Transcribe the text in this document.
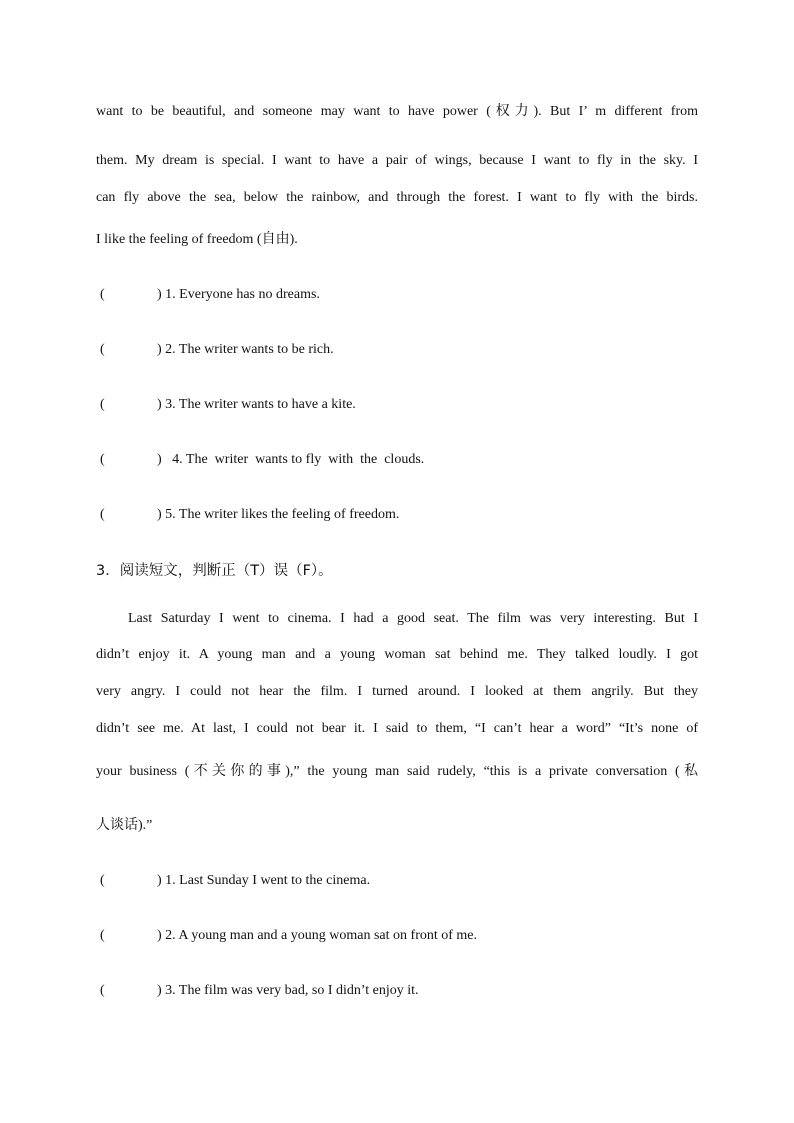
want to be beautiful, and someone may want to have power (权力). But I’ m different from
them. My dream is special. I want to have a pair of wings, because I want to fly in the sky. I
can fly above the sea, below the rainbow, and through the forest. I want to fly with the birds.
I like the feeling of freedom (自由).
(	) 1. Everyone has no dreams.
(	) 2. The writer wants to be rich.
(	) 3. The writer wants to have a kite.
(	)   4. The  writer  wants to fly  with  the  clouds.
(	) 5. The writer likes the feeling of freedom.
3．阅读短文，判断正（T）误（F）。
Last Saturday I went to cinema. I had a good seat. The film was very interesting. But I
didn’t enjoy it. A young man and a young woman sat behind me. They talked loudly. I got
very angry. I could not hear the film. I turned around. I looked at them angrily. But they
didn’t see me. At last, I could not bear it. I said to them, “I can’t hear a word” “It’s none of
your business (不关你的事),” the young man said rudely, “this is a private conversation (私
人谈话).”
(	) 1. Last Sunday I went to the cinema.
(	) 2. A young man and a young woman sat on front of me.
(	) 3. The film was very bad, so I didn’t enjoy it.
